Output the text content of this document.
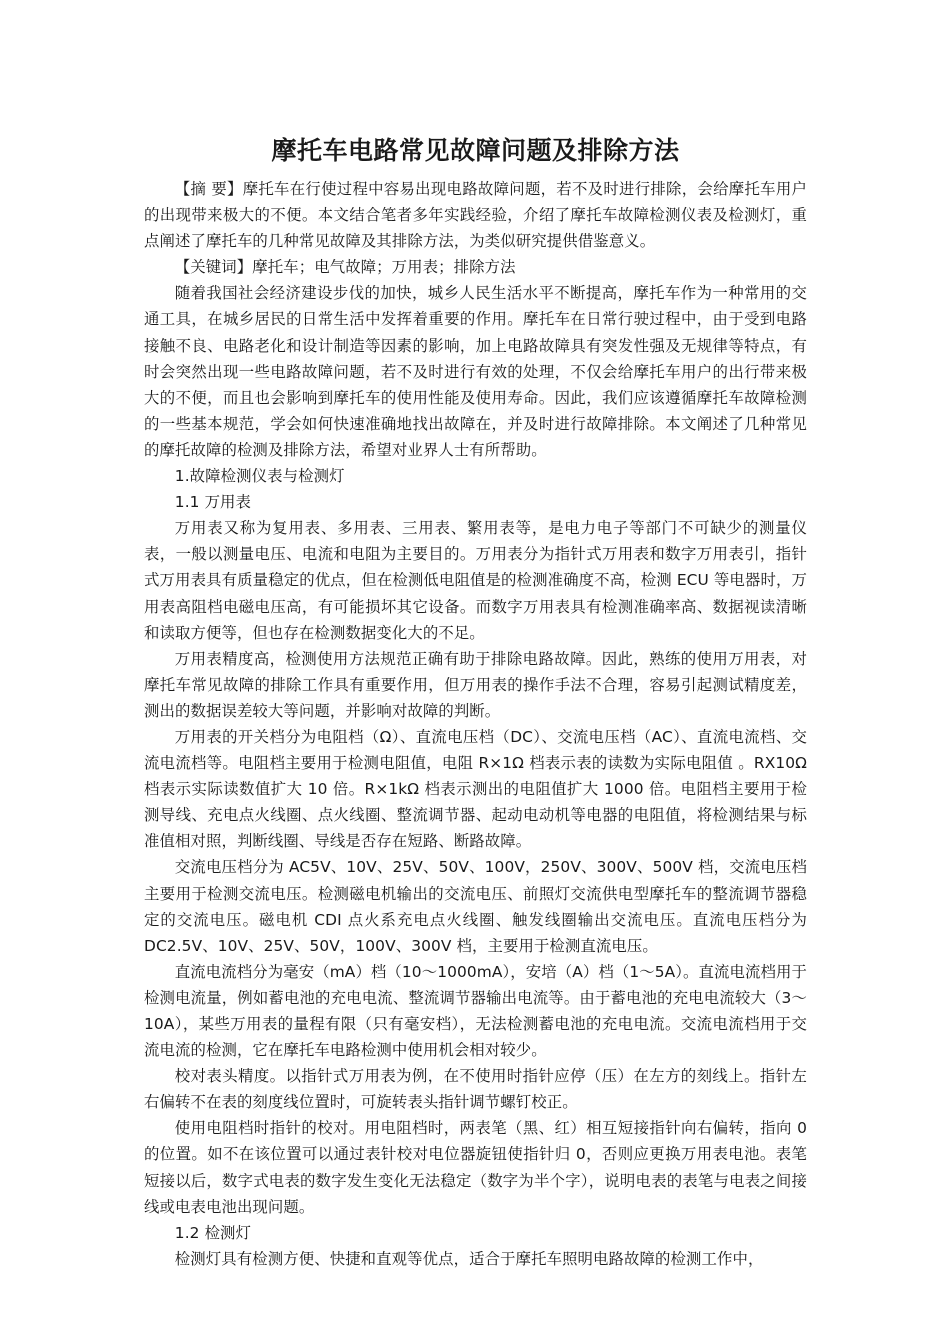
摩托车电路常见故障问题及排除方法

【摘 要】摩托车在行使过程中容易出现电路故障问题，若不及时进行排除，会给摩托车用户的出现带来极大的不便。本文结合笔者多年实践经验，介绍了摩托车故障检测仪表及检测灯，重点阐述了摩托车的几种常见故障及其排除方法，为类似研究提供借鉴意义。

【关键词】摩托车；电气故障；万用表；排除方法

随着我国社会经济建设步伐的加快，城乡人民生活水平不断提高，摩托车作为一种常用的交通工具，在城乡居民的日常生活中发挥着重要的作用。摩托车在日常行驶过程中，由于受到电路接触不良、电路老化和设计制造等因素的影响，加上电路故障具有突发性强及无规律等特点，有时会突然出现一些电路故障问题，若不及时进行有效的处理，不仅会给摩托车用户的出行带来极大的不便，而且也会影响到摩托车的使用性能及使用寿命。因此，我们应该遵循摩托车故障检测的一些基本规范，学会如何快速准确地找出故障在，并及时进行故障排除。本文阐述了几种常见的摩托故障的检测及排除方法，希望对业界人士有所帮助。

1.故障检测仪表与检测灯

1.1 万用表

万用表又称为复用表、多用表、三用表、繁用表等，是电力电子等部门不可缺少的测量仪表，一般以测量电压、电流和电阻为主要目的。万用表分为指针式万用表和数字万用表引，指针式万用表具有质量稳定的优点，但在检测低电阻值是的检测准确度不高，检测 ECU 等电器时，万用表高阻档电磁电压高，有可能损坏其它设备。而数字万用表具有检测准确率高、数据视读清晰和读取方便等，但也存在检测数据变化大的不足。

万用表精度高，检测使用方法规范正确有助于排除电路故障。因此，熟练的使用万用表，对摩托车常见故障的排除工作具有重要作用，但万用表的操作手法不合理，容易引起测试精度差，测出的数据误差较大等问题，并影响对故障的判断。

万用表的开关档分为电阻档（Ω）、直流电压档（DC）、交流电压档（AC）、直流电流档、交流电流档等。电阻档主要用于检测电阻值，电阻 R×1Ω 档表示表的读数为实际电阻值 。RX10Ω 档表示实际读数值扩大 10 倍。R×1kΩ 档表示测出的电阻值扩大 1000 倍。电阻档主要用于检测导线、充电点火线圈、点火线圈、整流调节器、起动电动机等电器的电阻值，将检测结果与标准值相对照，判断线圈、导线是否存在短路、断路故障。

交流电压档分为 AC5V、10V、25V、50V、100V，250V、300V、500V 档，交流电压档主要用于检测交流电压。检测磁电机输出的交流电压、前照灯交流供电型摩托车的整流调节器稳定的交流电压。磁电机 CDI 点火系充电点火线圈、触发线圈输出交流电压。直流电压档分为 DC2.5V、10V、25V、50V，100V、300V 档，主要用于检测直流电压。

直流电流档分为毫安（mA）档（10～1000mA），安培（A）档（1～5A）。直流电流档用于检测电流量，例如蓄电池的充电电流、整流调节器输出电流等。由于蓄电池的充电电流较大（3～10A），某些万用表的量程有限（只有毫安档），无法检测蓄电池的充电电流。交流电流档用于交流电流的检测，它在摩托车电路检测中使用机会相对较少。

校对表头精度。以指针式万用表为例，在不使用时指针应停（压）在左方的刻线上。指针左右偏转不在表的刻度线位置时，可旋转表头指针调节螺钉校正。

使用电阻档时指针的校对。用电阻档时，两表笔（黑、红）相互短接指针向右偏转，指向 0 的位置。如不在该位置可以通过表针校对电位器旋钮使指针归 0，否则应更换万用表电池。表笔短接以后，数字式电表的数字发生变化无法稳定（数字为半个字），说明电表的表笔与电表之间接线或电表电池出现问题。

1.2 检测灯

检测灯具有检测方便、快捷和直观等优点，适合于摩托车照明电路故障的检测工作中，
